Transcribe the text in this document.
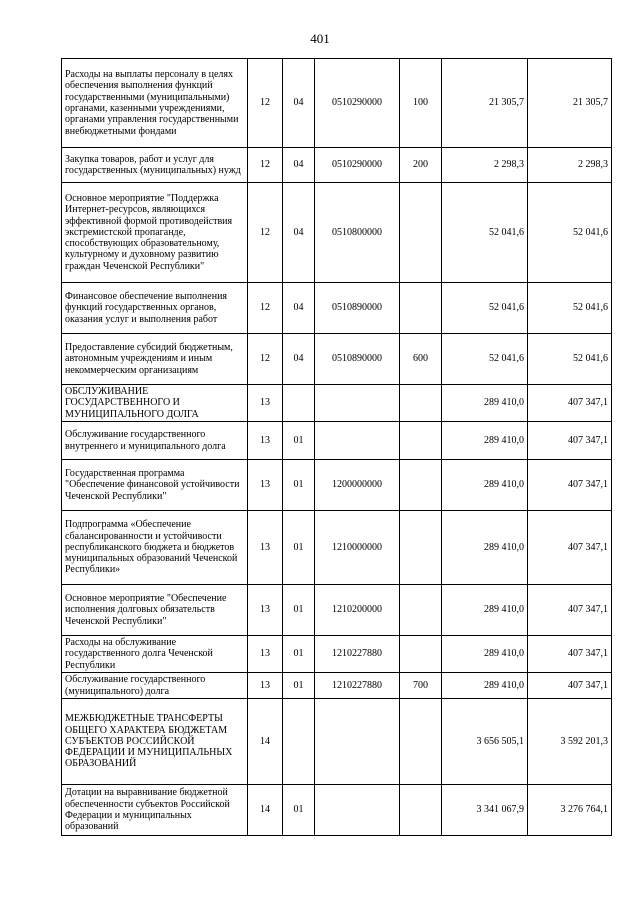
401
Расходы на выплаты персоналу в целях обеспечения выполнения функций государственными (муниципальными) органами, казенными учреждениями, органами управления государственными внебюджетными фондами	12	04	0510290000	100	21 305,7	21 305,7
Закупка товаров, работ и услуг для государственных (муниципальных) нужд	12	04	0510290000	200	2 298,3	2 298,3
Основное мероприятие "Поддержка Интернет-ресурсов, являющихся эффективной формой противодействия экстремистской пропаганде, способствующих образовательному, культурному и духовному развитию граждан Чеченской Республики"	12	04	0510800000		52 041,6	52 041,6
Финансовое обеспечение выполнения функций государственных органов, оказания услуг и выполнения работ	12	04	0510890000		52 041,6	52 041,6
Предоставление субсидий бюджетным, автономным учреждениям и иным некоммерческим организациям	12	04	0510890000	600	52 041,6	52 041,6
ОБСЛУЖИВАНИЕ ГОСУДАРСТВЕННОГО И МУНИЦИПАЛЬНОГО ДОЛГА	13				289 410,0	407 347,1
Обслуживание государственного внутреннего и муниципального долга	13	01			289 410,0	407 347,1
Государственная программа "Обеспечение финансовой устойчивости Чеченской Республики"	13	01	1200000000		289 410,0	407 347,1
Подпрограмма «Обеспечение сбалансированности и устойчивости республиканского бюджета и бюджетов муниципальных образований Чеченской Республики»	13	01	1210000000		289 410,0	407 347,1
Основное мероприятие "Обеспечение исполнения долговых обязательств Чеченской Республики"	13	01	1210200000		289 410,0	407 347,1
Расходы на обслуживание государственного долга Чеченской Республики	13	01	1210227880		289 410,0	407 347,1
Обслуживание государственного (муниципального) долга	13	01	1210227880	700	289 410,0	407 347,1
МЕЖБЮДЖЕТНЫЕ ТРАНСФЕРТЫ ОБЩЕГО ХАРАКТЕРА БЮДЖЕТАМ СУБЪЕКТОВ РОССИЙСКОЙ ФЕДЕРАЦИИ И МУНИЦИПАЛЬНЫХ ОБРАЗОВАНИЙ	14				3 656 505,1	3 592 201,3
Дотации на выравнивание бюджетной обеспеченности субъектов Российской Федерации и муниципальных образований	14	01			3 341 067,9	3 276 764,1
